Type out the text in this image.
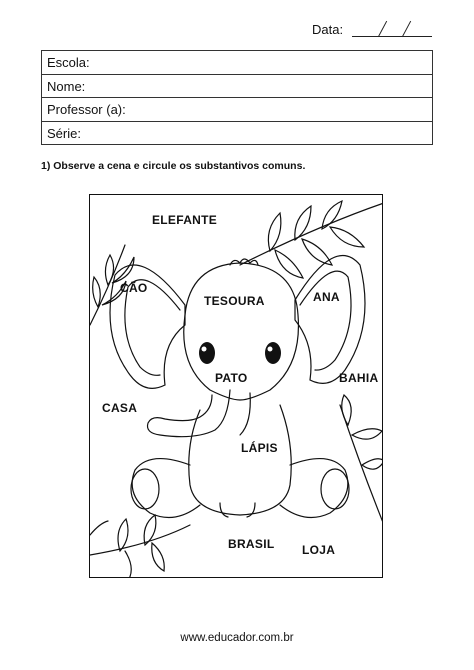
Data:
Escola:
Nome:
Professor (a):
Série:
1) Observe a cena e circule os substantivos comuns.
ELEFANTE
CÃO
TESOURA	ANA
PATO	BAHIA
CASA
LÁPIS
BRASIL LOJA
www.educador.com.br
